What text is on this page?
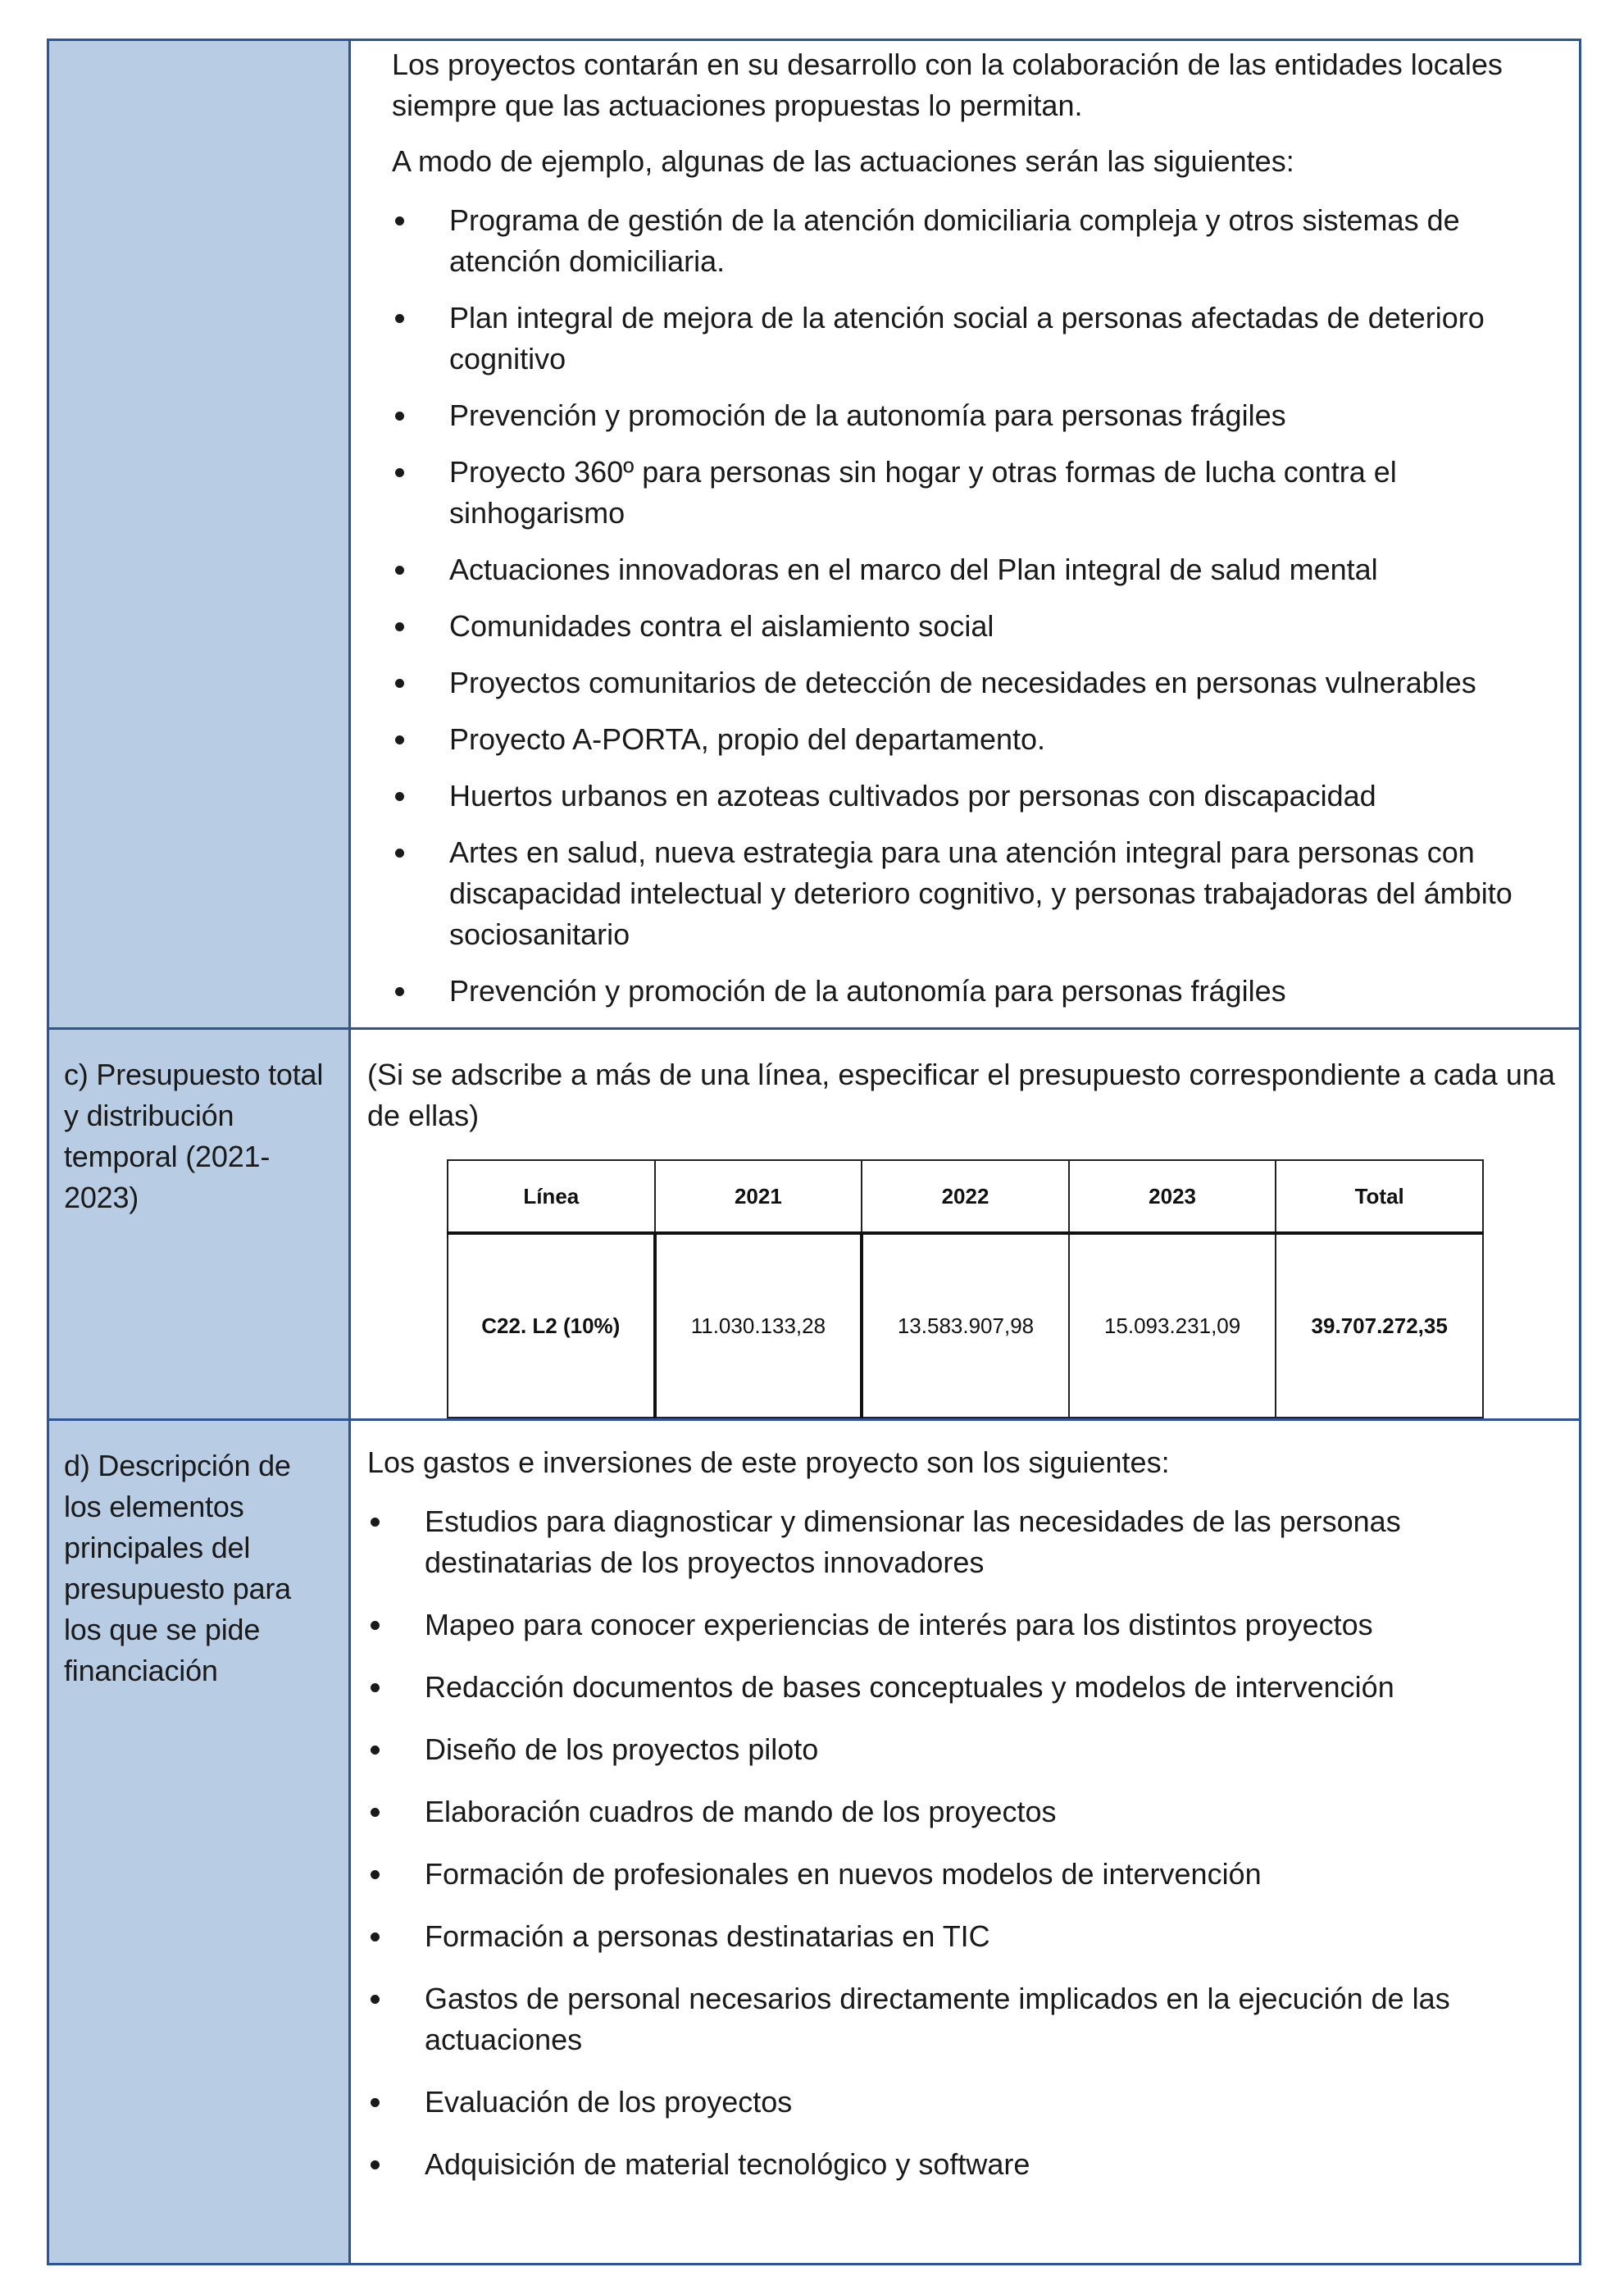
Los proyectos contarán en su desarrollo con la colaboración de las entidades locales siempre que las actuaciones propuestas lo permitan.

A modo de ejemplo, algunas de las actuaciones serán las siguientes:

Programa de gestión de la atención domiciliaria compleja y otros sistemas de atención domiciliaria.
Plan integral de mejora de la atención social a personas afectadas de deterioro cognitivo
Prevención y promoción de la autonomía para personas frágiles
Proyecto 360º para personas sin hogar y otras formas de lucha contra el sinhogarismo
Actuaciones innovadoras en el marco del Plan integral de salud mental
Comunidades contra el aislamiento social
Proyectos comunitarios de detección de necesidades en personas vulnerables
Proyecto A-PORTA, propio del departamento.
Huertos urbanos en azoteas cultivados por personas con discapacidad
Artes en salud, nueva estrategia para una atención integral para personas con discapacidad intelectual y deterioro cognitivo, y personas trabajadoras del ámbito sociosanitario
Prevención y promoción de la autonomía para personas frágiles

c) Presupuesto total y distribución temporal (2021-2023)

(Si se adscribe a más de una línea, especificar el presupuesto correspondiente a cada una de ellas)
Línea	2021	2022	2023	Total
C22. L2 (10%)	11.030.133,28	13.583.907,98	15.093.231,09	39.707.272,35

d) Descripción de los elementos principales del presupuesto para los que se pide financiación

Los gastos e inversiones de este proyecto son los siguientes:

Estudios para diagnosticar y dimensionar las necesidades de las personas destinatarias de los proyectos innovadores
Mapeo para conocer experiencias de interés para los distintos proyectos
Redacción documentos de bases conceptuales y modelos de intervención
Diseño de los proyectos piloto
Elaboración cuadros de mando de los proyectos
Formación de profesionales en nuevos modelos de intervención
Formación a personas destinatarias en TIC
Gastos de personal necesarios directamente implicados en la ejecución de las actuaciones
Evaluación de los proyectos
Adquisición de material tecnológico y software
